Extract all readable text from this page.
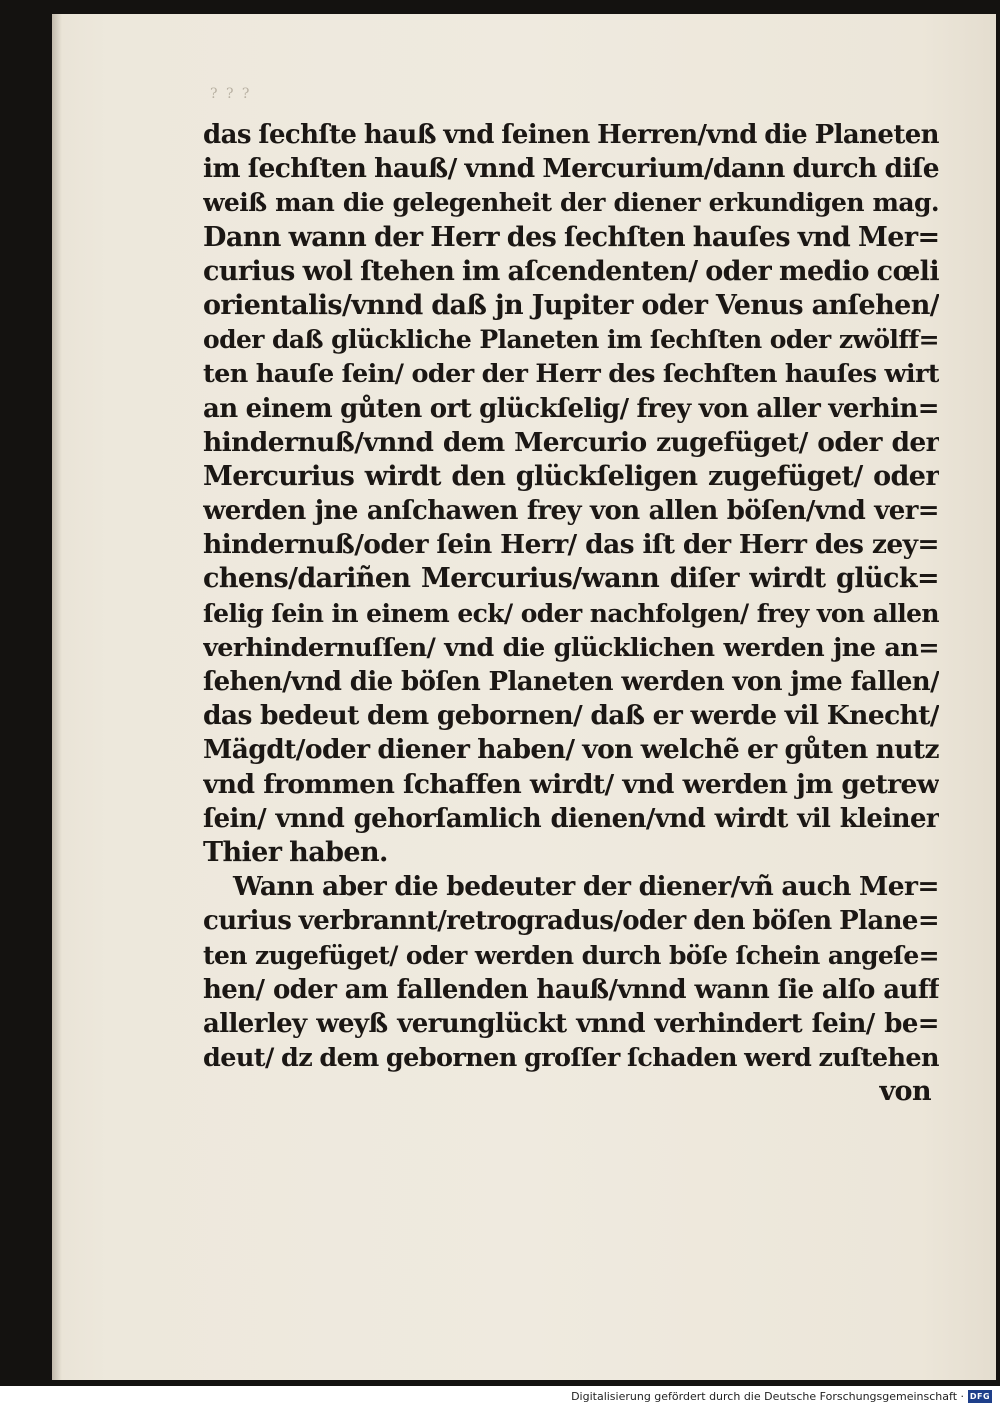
? ? ?
das ſechſte hauß vnd ſeinen Herren/vnd die Planeten
im ſechſten hauß/ vnnd Mercurium/dann durch diſe
weiß man die gelegenheit der diener erkundigen mag.
Dann wann der Herr des ſechſten hauſes vnd Mer=
curius wol ſtehen im aſcendenten/ oder medio cœli
orientalis/vnnd daß jn Jupiter oder Venus anſehen/
oder daß glückliche Planeten im ſechſten oder zwölff=
ten hauſe ſein/ oder der Herr des ſechſten hauſes wirt
an einem gůten ort glückſelig/ frey von aller verhin=
hindernuß/vnnd dem Mercurio zugefüget/ oder der
Mercurius wirdt den glückſeligen zugefüget/ oder
werden jne anſchawen frey von allen böſen/vnd ver=
hindernuß/oder ſein Herr/ das iſt der Herr des zey=
chens/dariñen Mercurius/wann diſer wirdt glück=
ſelig ſein in einem eck/ oder nachfolgen/ frey von allen
verhindernuſſen/ vnd die glücklichen werden jne an=
ſehen/vnd die böſen Planeten werden von jme fallen/
das bedeut dem gebornen/ daß er werde vil Knecht/
Mägdt/oder diener haben/ von welchẽ er gůten nutz
vnd frommen ſchaffen wirdt/ vnd werden jm getrew
ſein/ vnnd gehorſamlich dienen/vnd wirdt vil kleiner
Thier haben.
Wann aber die bedeuter der diener/vñ auch Mer=
curius verbrannt/retrogradus/oder den böſen Plane=
ten zugefüget/ oder werden durch böſe ſchein angeſe=
hen/ oder am fallenden hauß/vnnd wann ſie alſo auff
allerley weyß verunglückt vnnd verhindert ſein/ be=
deut/ dz dem gebornen groſſer ſchaden werd zuſtehen
von
Digitalisierung gefördert durch die Deutsche Forschungsgemeinschaft · DFG
